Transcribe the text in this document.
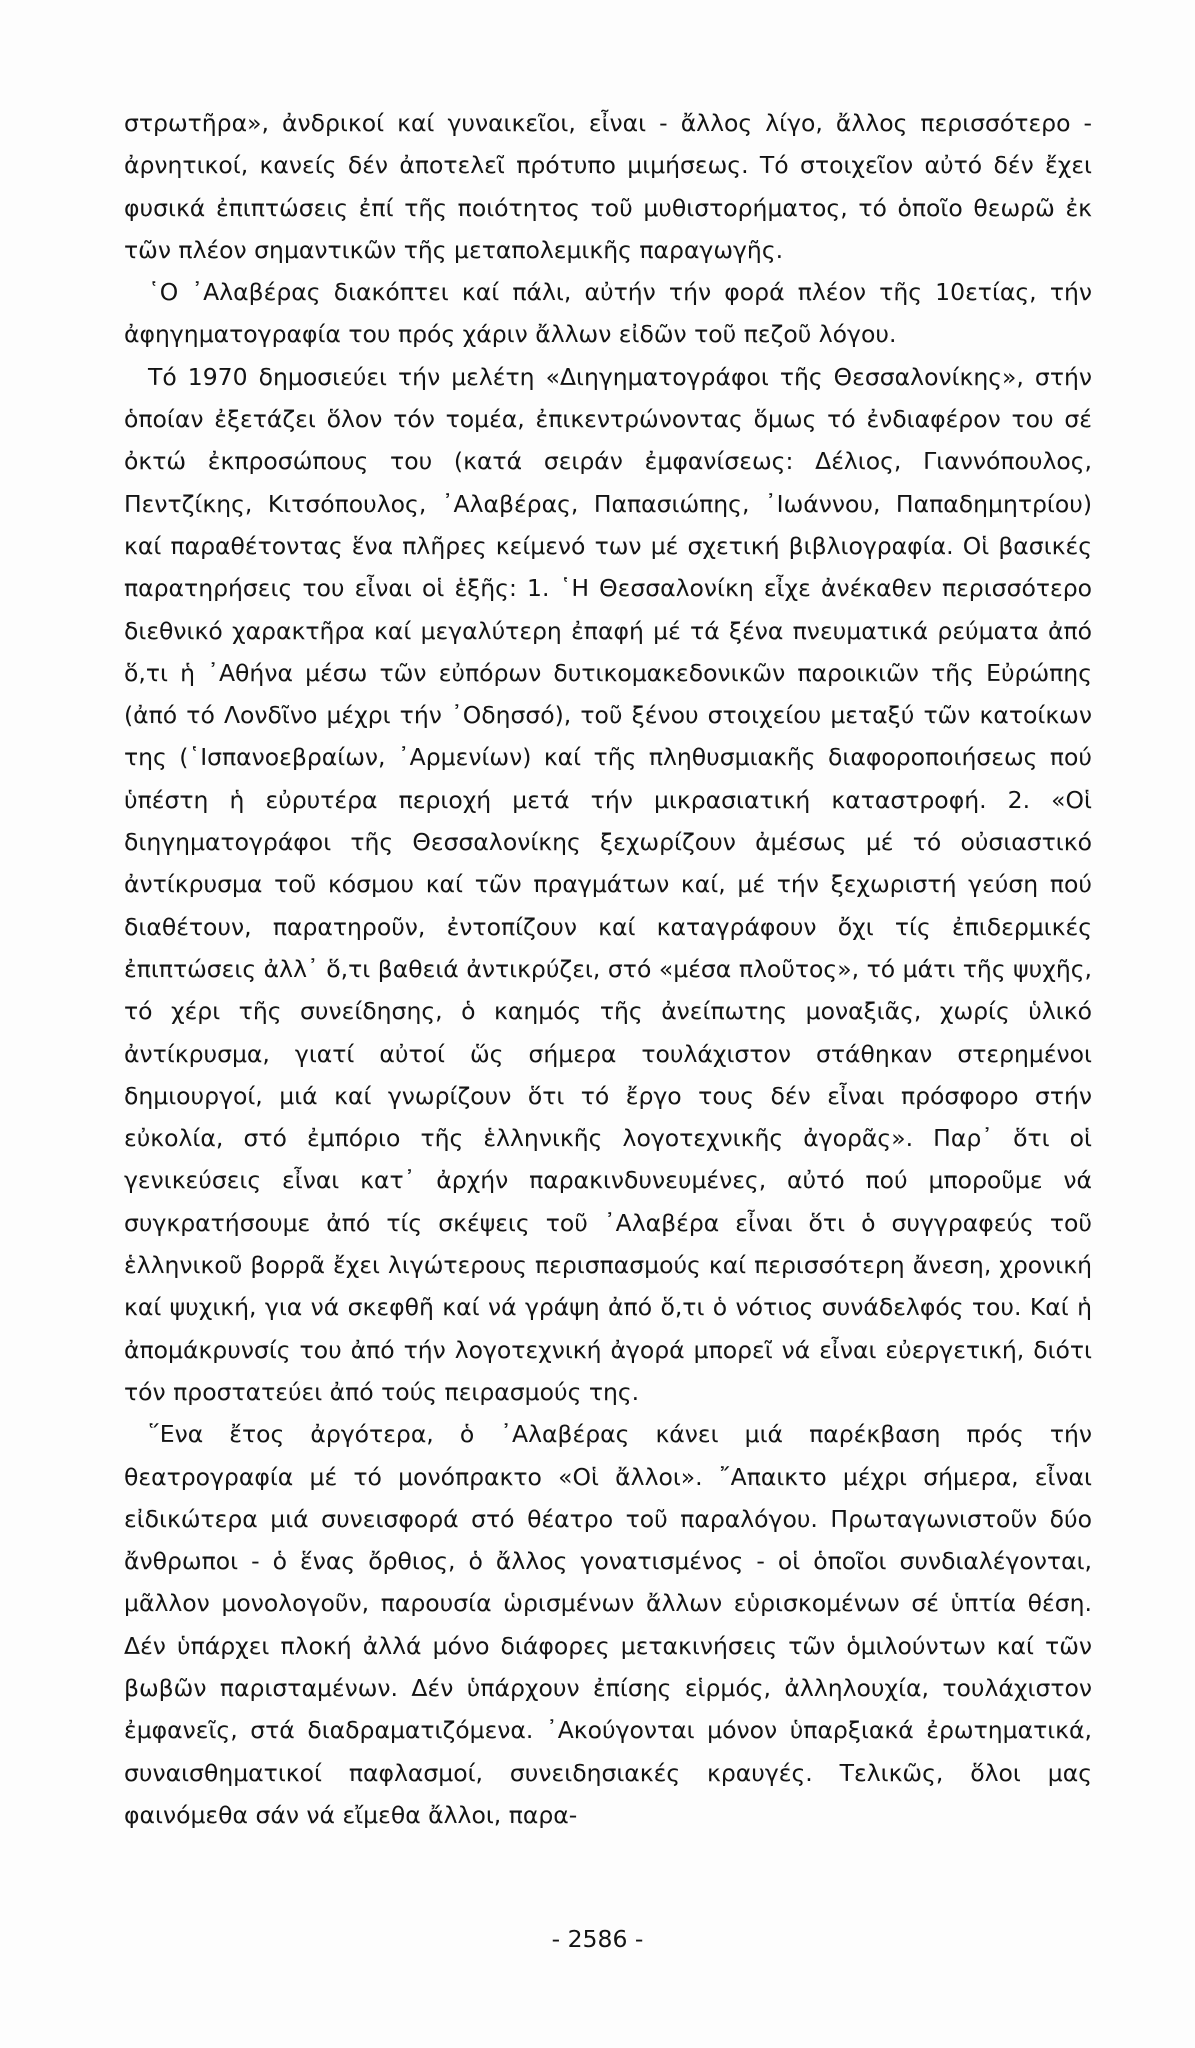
στρωτῆρα», ἀνδρικοί καί γυναικεῖοι, εἶναι - ἄλλος λίγο, ἄλλος περισσότερο - ἀρνητικοί, κανείς δέν ἀποτελεῖ πρότυπο μιμήσεως. Τό στοιχεῖον αὐτό δέν ἔχει φυσικά ἐπιπτώσεις ἐπί τῆς ποιότητος τοῦ μυθιστορήματος, τό ὁποῖο θεωρῶ ἐκ τῶν πλέον σημαντικῶν τῆς μεταπολεμικῆς παραγωγῆς.

῾Ο ᾿Αλαβέρας διακόπτει καί πάλι, αὐτήν τήν φορά πλέον τῆς 10ετίας, τήν ἀφηγηματογραφία του πρός χάριν ἄλλων εἰδῶν τοῦ πεζοῦ λόγου.

Τό 1970 δημοσιεύει τήν μελέτη «Διηγηματογράφοι τῆς Θεσσαλονίκης», στήν ὁποίαν ἐξετάζει ὅλον τόν τομέα, ἐπικεντρώνοντας ὅμως τό ἐνδιαφέρον του σέ ὀκτώ ἐκπροσώπους του (κατά σειράν ἐμφανίσεως: Δέλιος, Γιαννόπουλος, Πεντζίκης, Κιτσόπουλος, ᾿Αλαβέρας, Παπασιώπης, ᾿Ιωάννου, Παπαδημητρίου) καί παραθέτοντας ἕνα πλῆρες κείμενό των μέ σχετική βιβλιογραφία. Οἱ βασικές παρατηρήσεις του εἶναι οἱ ἑξῆς: 1. ῾Η Θεσσαλονίκη εἶχε ἀνέκαθεν περισσότερο διεθνικό χαρακτῆρα καί μεγαλύτερη ἐπαφή μέ τά ξένα πνευματικά ρεύματα ἀπό ὅ,τι ἡ ᾿Αθήνα μέσω τῶν εὐπόρων δυτικομακεδονικῶν παροικιῶν τῆς Εὐρώπης (ἀπό τό Λονδῖνο μέχρι τήν ᾿Οδησσό), τοῦ ξένου στοιχείου μεταξύ τῶν κατοίκων της (῾Ισπανοεβραίων, ᾿Αρμενίων) καί τῆς πληθυσμιακῆς διαφοροποιήσεως πού ὑπέστη ἡ εὐρυτέρα περιοχή μετά τήν μικρασιατική καταστροφή. 2. «Οἱ διηγηματογράφοι τῆς Θεσσαλονίκης ξεχωρίζουν ἀμέσως μέ τό οὐσιαστικό ἀντίκρυσμα τοῦ κόσμου καί τῶν πραγμάτων καί, μέ τήν ξεχωριστή γεύση πού διαθέτουν, παρατηροῦν, ἐντοπίζουν καί καταγράφουν ὄχι τίς ἐπιδερμικές ἐπιπτώσεις ἀλλ᾿ ὅ,τι βαθειά ἀντικρύζει, στό «μέσα πλοῦτος», τό μάτι τῆς ψυχῆς, τό χέρι τῆς συνείδησης, ὁ καημός τῆς ἀνείπωτης μοναξιᾶς, χωρίς ὑλικό ἀντίκρυσμα, γιατί αὐτοί ὥς σήμερα τουλάχιστον στάθηκαν στερημένοι δημιουργοί, μιά καί γνωρίζουν ὅτι τό ἔργο τους δέν εἶναι πρόσφορο στήν εὐκολία, στό ἐμπόριο τῆς ἑλληνικῆς λογοτεχνικῆς ἀγορᾶς». Παρ᾿ ὅτι οἱ γενικεύσεις εἶναι κατ᾿ ἀρχήν παρακινδυνευμένες, αὐτό πού μποροῦμε νά συγκρατήσουμε ἀπό τίς σκέψεις τοῦ ᾿Αλαβέρα εἶναι ὅτι ὁ συγγραφεύς τοῦ ἑλληνικοῦ βορρᾶ ἔχει λιγώτερους περισπασμούς καί περισσότερη ἄνεση, χρονική καί ψυχική, για νά σκεφθῆ καί νά γράψη ἀπό ὅ,τι ὁ νότιος συνάδελφός του. Καί ἡ ἀπομάκρυνσίς του ἀπό τήν λογοτεχνική ἀγορά μπορεῖ νά εἶναι εὐεργετική, διότι τόν προστατεύει ἀπό τούς πειρασμούς της.

῞Ενα ἔτος ἀργότερα, ὁ ᾿Αλαβέρας κάνει μιά παρέκβαση πρός τήν θεατρογραφία μέ τό μονόπρακτο «Οἱ ἄλλοι». ῎Απαικτο μέχρι σήμερα, εἶναι εἰδικώτερα μιά συνεισφορά στό θέατρο τοῦ παραλόγου. Πρωταγωνιστοῦν δύο ἄνθρωποι - ὁ ἕνας ὄρθιος, ὁ ἄλλος γονατισμένος - οἱ ὁποῖοι συνδιαλέγονται, μᾶλλον μονολογοῦν, παρουσία ὡρισμένων ἄλλων εὑρισκομένων σέ ὑπτία θέση. Δέν ὑπάρχει πλοκή ἀλλά μόνο διάφορες μετακινήσεις τῶν ὁμιλούντων καί τῶν βωβῶν παρισταμένων. Δέν ὑπάρχουν ἐπίσης εἱρμός, ἀλληλουχία, τουλάχιστον ἐμφανεῖς, στά διαδραματιζόμενα. ᾿Ακούγονται μόνον ὑπαρξιακά ἐρωτηματικά, συναισθηματικοί παφλασμοί, συνειδησιακές κραυγές. Τελικῶς, ὅλοι μας φαινόμεθα σάν νά εἴμεθα ἄλλοι, παρα-

- 2586 -
